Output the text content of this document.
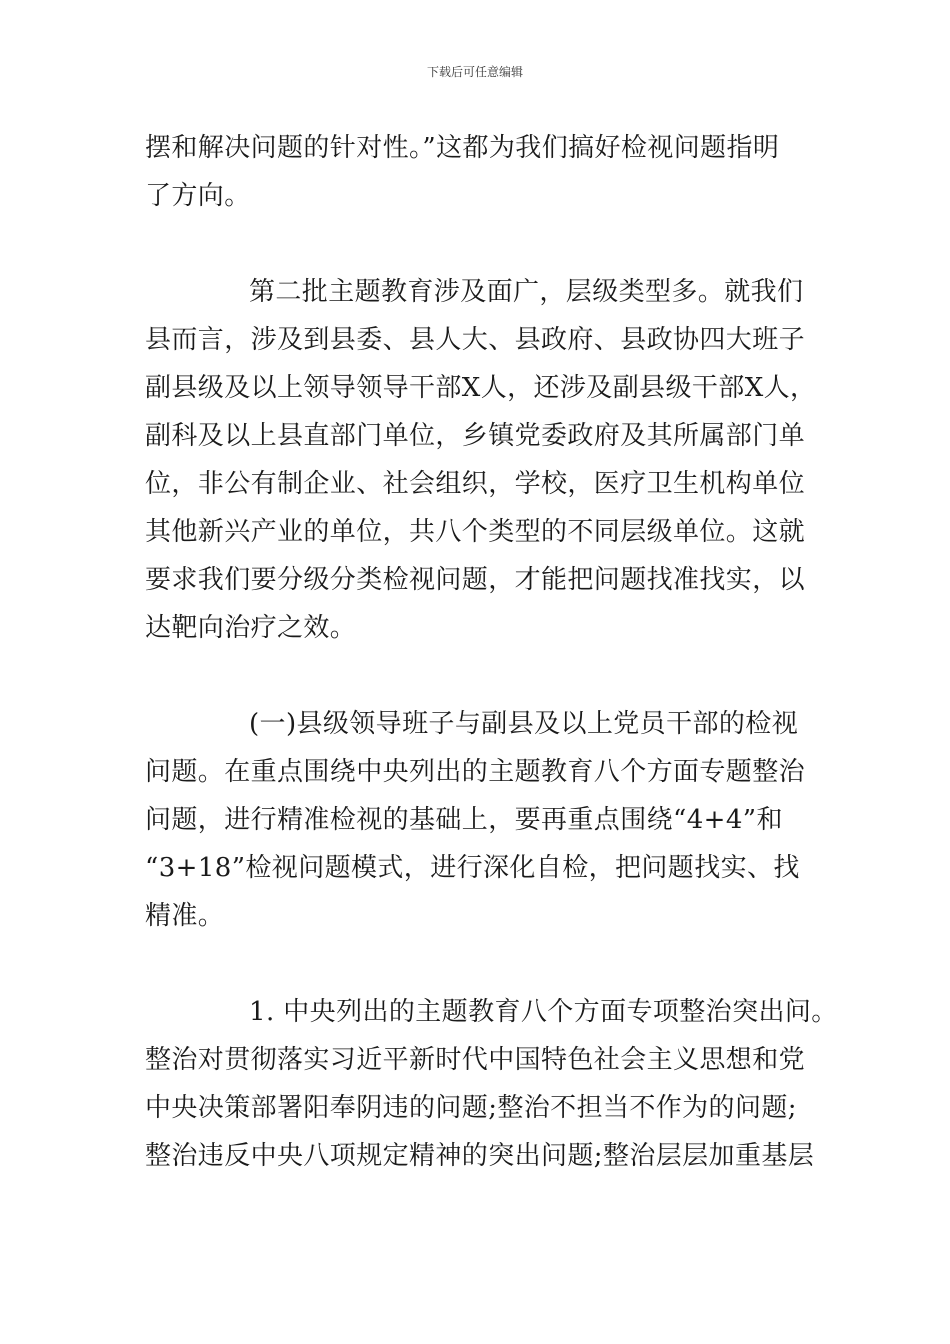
下载后可任意编辑
摆和解决问题的针对性。”这都为我们搞好检视问题指明
了方向。
第二批主题教育涉及面广，层级类型多。就我们
县而言，涉及到县委、县人大、县政府、县政协四大班子
副县级及以上领导领导干部X人，还涉及副县级干部X人，
副科及以上县直部门单位，乡镇党委政府及其所属部门单
位，非公有制企业、社会组织，学校，医疗卫生机构单位
其他新兴产业的单位，共八个类型的不同层级单位。这就
要求我们要分级分类检视问题，才能把问题找准找实，以
达靶向治疗之效。
(一)县级领导班子与副县及以上党员干部的检视
问题。在重点围绕中央列出的主题教育八个方面专题整治
问题，进行精准检视的基础上，要再重点围绕“4+4”和
“3+18”检视问题模式，进行深化自检，把问题找实、找
精准。
1. 中央列出的主题教育八个方面专项整治突出问。
整治对贯彻落实习近平新时代中国特色社会主义思想和党
中央决策部署阳奉阴违的问题;整治不担当不作为的问题;
整治违反中央八项规定精神的突出问题;整治层层加重基层
